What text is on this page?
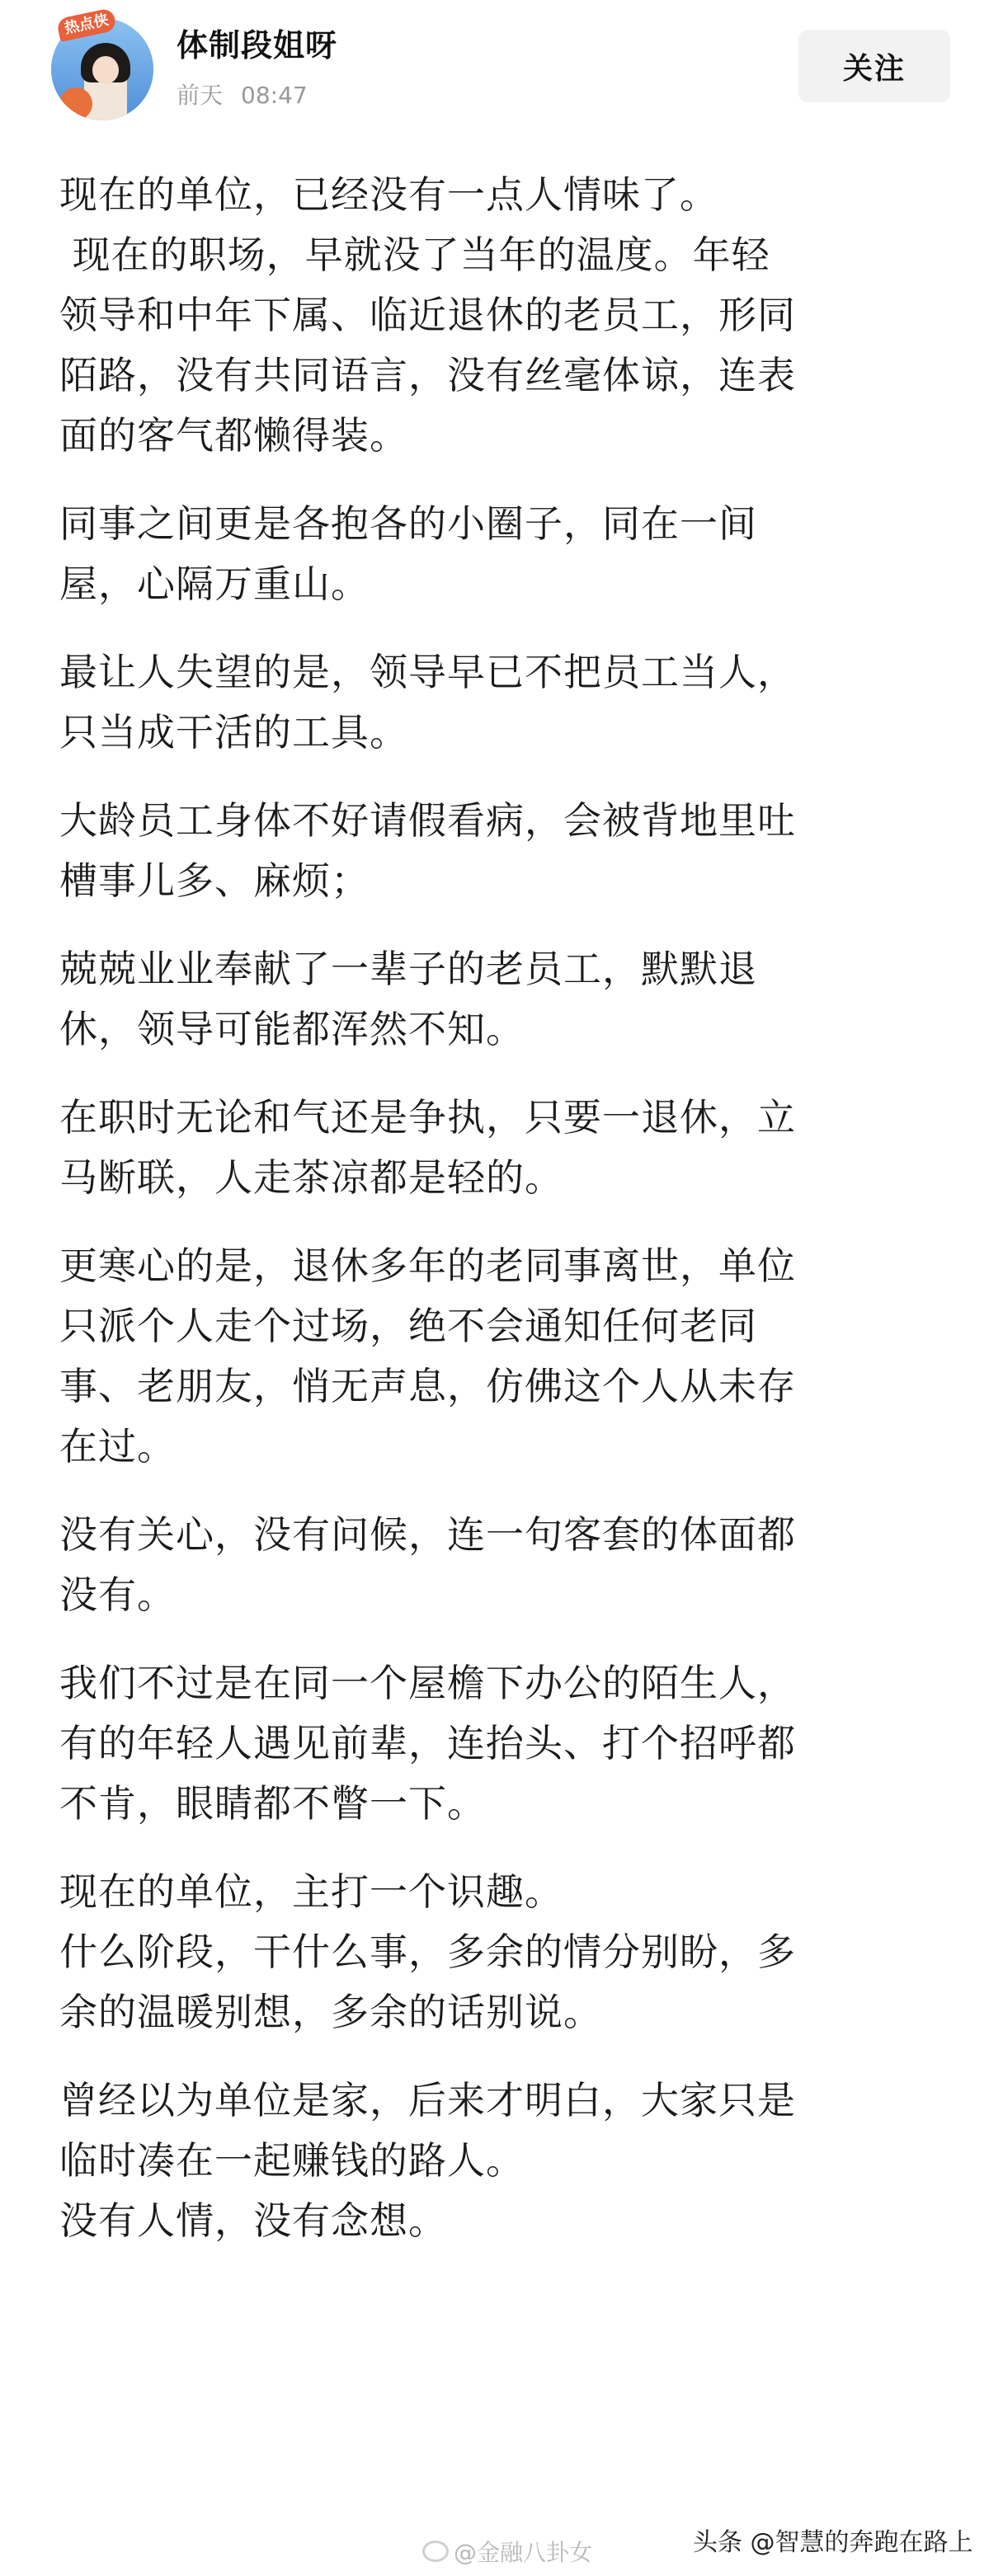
热点侠
体制段姐呀
前天 08:47
关注
现在的单位，已经没有一点人情味了。
现在的职场，早就没了当年的温度。年轻
领导和中年下属、临近退休的老员工，形同
陌路，没有共同语言，没有丝毫体谅，连表
面的客气都懒得装。
同事之间更是各抱各的小圈子，同在一间
屋，心隔万重山。
最让人失望的是，领导早已不把员工当人，
只当成干活的工具。
大龄员工身体不好请假看病，会被背地里吐
槽事儿多、麻烦；
兢兢业业奉献了一辈子的老员工，默默退
休，领导可能都浑然不知。
在职时无论和气还是争执，只要一退休，立
马断联，人走茶凉都是轻的。
更寒心的是，退休多年的老同事离世，单位
只派个人走个过场，绝不会通知任何老同
事、老朋友，悄无声息，仿佛这个人从未存
在过。
没有关心，没有问候，连一句客套的体面都
没有。
我们不过是在同一个屋檐下办公的陌生人，
有的年轻人遇见前辈，连抬头、打个招呼都
不肯，眼睛都不瞥一下。
现在的单位，主打一个识趣。
什么阶段，干什么事，多余的情分别盼，多
余的温暖别想，多余的话别说。
曾经以为单位是家，后来才明白，大家只是
临时凑在一起赚钱的路人。
没有人情，没有念想。
@金融八卦女	头条 @智慧的奔跑在路上
